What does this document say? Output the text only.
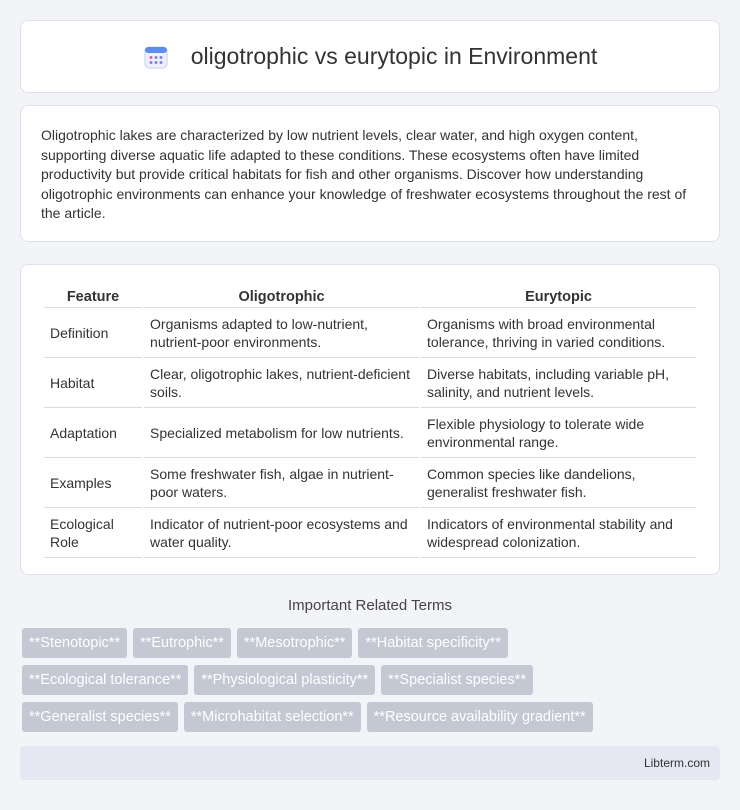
oligotrophic vs eurytopic in Environment

Oligotrophic lakes are characterized by low nutrient levels, clear water, and high oxygen content, supporting diverse aquatic life adapted to these conditions. These ecosystems often have limited productivity but provide critical habitats for fish and other organisms. Discover how understanding oligotrophic environments can enhance your knowledge of freshwater ecosystems throughout the rest of the article.

Feature	Oligotrophic	Eurytopic
Definition	Organisms adapted to low-nutrient, nutrient-poor environments.	Organisms with broad environmental tolerance, thriving in varied conditions.
Habitat	Clear, oligotrophic lakes, nutrient-deficient soils.	Diverse habitats, including variable pH, salinity, and nutrient levels.
Adaptation	Specialized metabolism for low nutrients.	Flexible physiology to tolerate wide environmental range.
Examples	Some freshwater fish, algae in nutrient-poor waters.	Common species like dandelions, generalist freshwater fish.
Ecological Role	Indicator of nutrient-poor ecosystems and water quality.	Indicators of environmental stability and widespread colonization.
Important Related Terms
**Stenotopic**	**Eutrophic**	**Mesotrophic**	**Habitat specificity**
**Ecological tolerance**	**Physiological plasticity**	**Specialist species**
**Generalist species**	**Microhabitat selection**	**Resource availability gradient**
Libterm.com
